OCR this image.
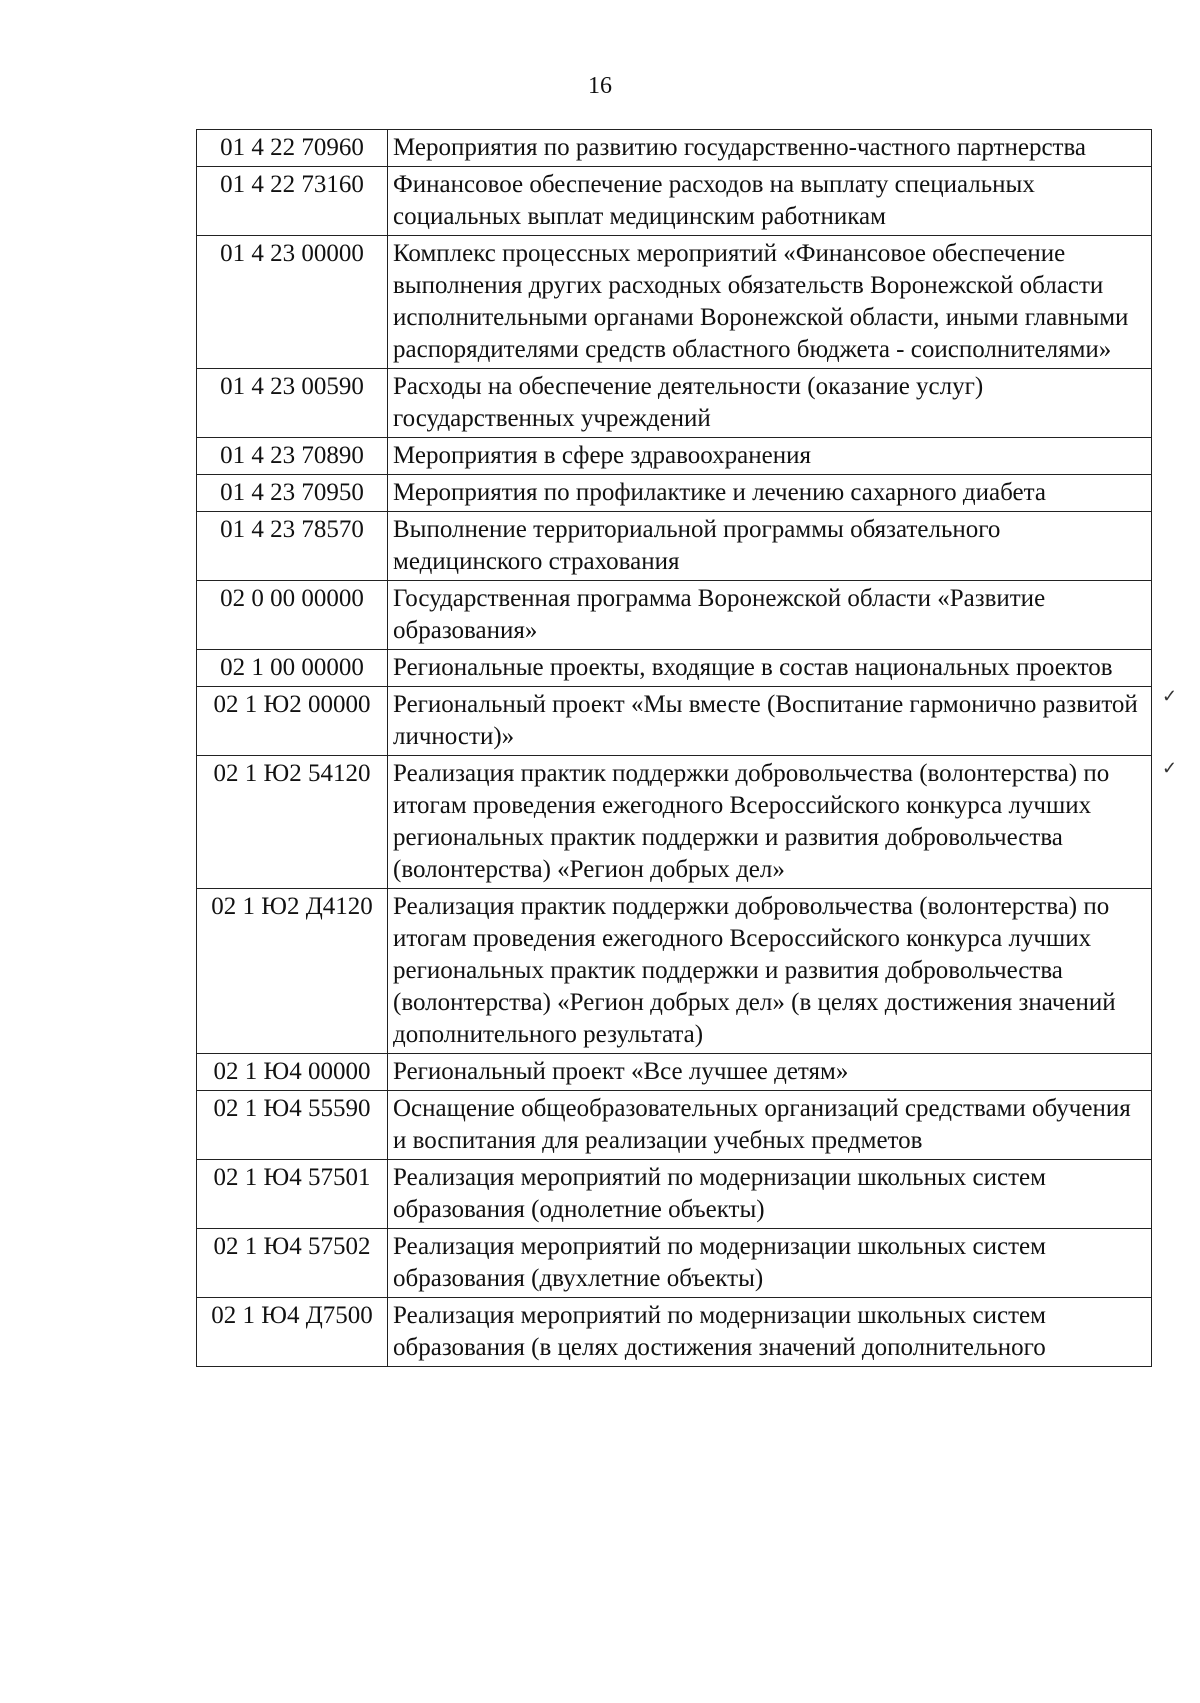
16
01 4 22 70960	Мероприятия по развитию государственно-частного партнерства
01 4 22 73160	Финансовое обеспечение расходов на выплату специальных социальных выплат медицинским работникам
01 4 23 00000	Комплекс процессных мероприятий «Финансовое обеспечение выполнения других расходных обязательств Воронежской области исполнительными органами Воронежской области, иными главными распорядителями средств областного бюджета - соисполнителями»
01 4 23 00590	Расходы на обеспечение деятельности (оказание услуг) государственных учреждений
01 4 23 70890	Мероприятия в сфере здравоохранения
01 4 23 70950	Мероприятия по профилактике и лечению сахарного диабета
01 4 23 78570	Выполнение территориальной программы обязательного медицинского страхования
02 0 00 00000	Государственная программа Воронежской области «Развитие образования»
02 1 00 00000	Региональные проекты, входящие в состав национальных проектов
02 1 Ю2 00000	Региональный проект «Мы вместе (Воспитание гармонично развитой личности)»
02 1 Ю2 54120	Реализация практик поддержки добровольчества (волонтерства) по итогам проведения ежегодного Всероссийского конкурса лучших региональных практик поддержки и развития добровольчества (волонтерства) «Регион добрых дел»
02 1 Ю2 Д4120	Реализация практик поддержки добровольчества (волонтерства) по итогам проведения ежегодного Всероссийского конкурса лучших региональных практик поддержки и развития добровольчества (волонтерства) «Регион добрых дел» (в целях достижения значений дополнительного результата)
02 1 Ю4 00000	Региональный проект «Все лучшее детям»
02 1 Ю4 55590	Оснащение общеобразовательных организаций средствами обучения и воспитания для реализации учебных предметов
02 1 Ю4 57501	Реализация мероприятий по модернизации школьных систем образования (однолетние объекты)
02 1 Ю4 57502	Реализация мероприятий по модернизации школьных систем образования (двухлетние объекты)
02 1 Ю4 Д7500	Реализация мероприятий по модернизации школьных систем образования (в целях достижения значений дополнительного
✓
✓
